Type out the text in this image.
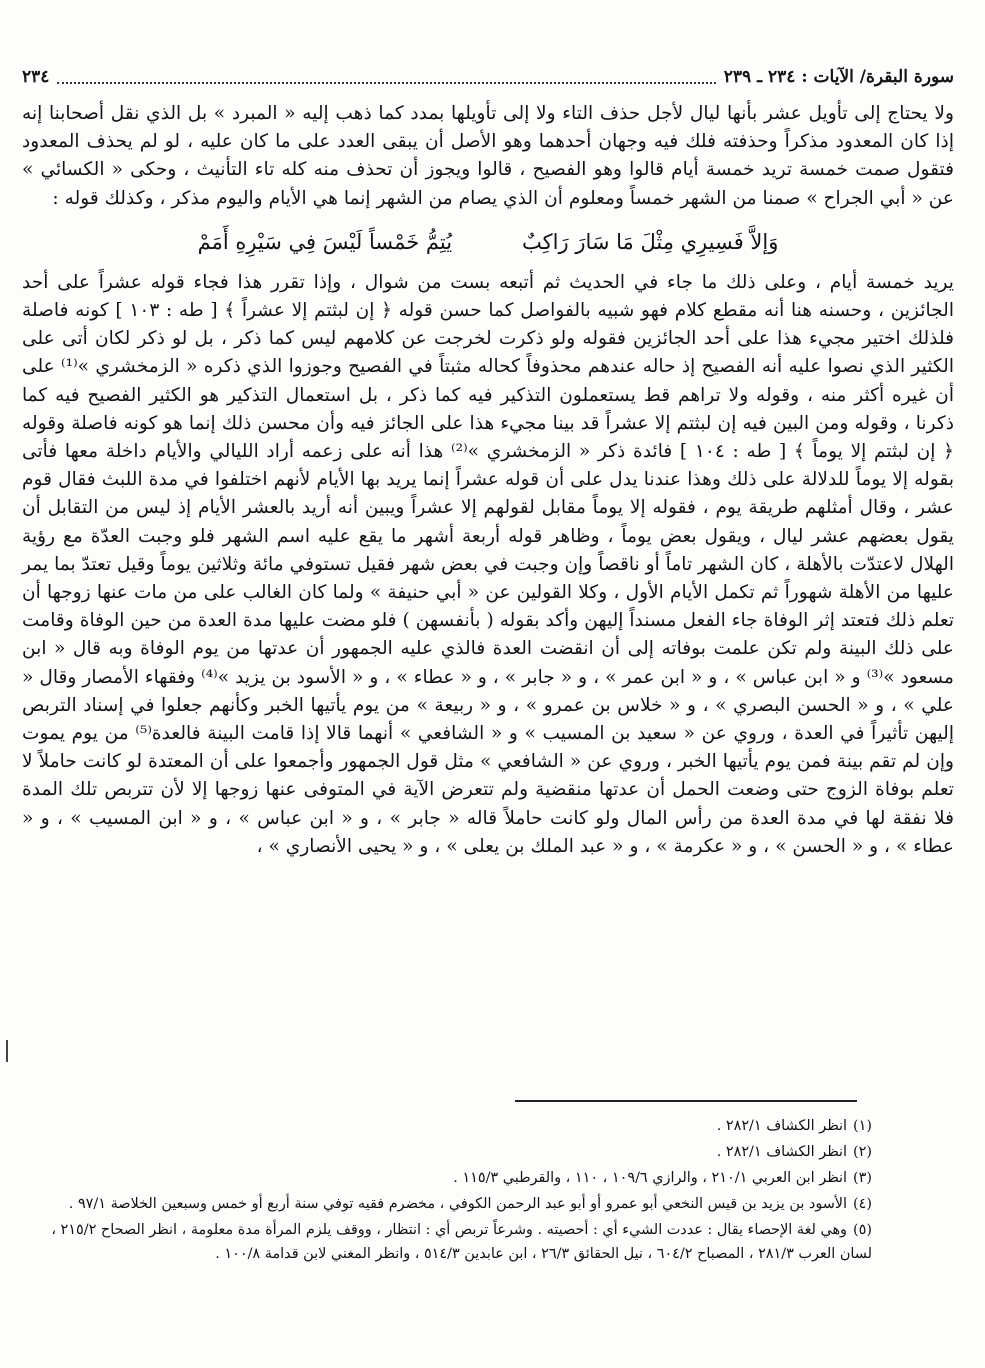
سورة البقرة/ الآيات : ٢٣٤ ـ ٢٣٩
٢٣٤

ولا يحتاج إلى تأويل عشر بأنها ليال لأجل حذف التاء ولا إلى تأويلها بمدد كما ذهب إليه « المبرد » بل الذي نقل أصحابنا إنه إذا كان المعدود مذكراً وحذفته فلك فيه وجهان أحدهما وهو الأصل أن يبقى العدد على ما كان عليه ، لو لم يحذف المعدود فتقول صمت خمسة تريد خمسة أيام قالوا وهو الفصيح ، قالوا ويجوز أن تحذف منه كله تاء التأنيث ، وحكى « الكسائي » عن « أبي الجراح » صمنا من الشهر خمساً ومعلوم أن الذي يصام من الشهر إنما هي الأيام واليوم مذكر ، وكذلك قوله :

وَإلاَّ فَسِيرِي مِثْلَ مَا سَارَ رَاكِبٌ
يُتِمُّ خَمْساً لَيْسَ فِي سَيْرِهِ أَمَمْ

يريد خمسة أيام ، وعلى ذلك ما جاء في الحديث ثم أتبعه بست من شوال ، وإذا تقرر هذا فجاء قوله عشراً على أحد الجائزين ، وحسنه هنا أنه مقطع كلام فهو شبيه بالفواصل كما حسن قوله ﴿ إن لبثتم إلا عشراً ﴾ [ طه : ١٠٣ ] كونه فاصلة فلذلك اختير مجيء هذا على أحد الجائزين فقوله ولو ذكرت لخرجت عن كلامهم ليس كما ذكر ، بل لو ذكر لكان أتى على الكثير الذي نصوا عليه أنه الفصيح إذ حاله عندهم محذوفاً كحاله مثبتاً في الفصيح وجوزوا الذي ذكره « الزمخشري »⁽¹⁾ على أن غيره أكثر منه ، وقوله ولا تراهم قط يستعملون التذكير فيه كما ذكر ، بل استعمال التذكير هو الكثير الفصيح فيه كما ذكرنا ، وقوله ومن البين فيه إن لبثتم إلا عشراً قد بينا مجيء هذا على الجائز فيه وأن محسن ذلك إنما هو كونه فاصلة وقوله ﴿ إن لبثتم إلا يوماً ﴾ [ طه : ١٠٤ ] فائدة ذكر « الزمخشري »⁽²⁾ هذا أنه على زعمه أراد الليالي والأيام داخلة معها فأتى بقوله إلا يوماً للدلالة على ذلك وهذا عندنا يدل على أن قوله عشراً إنما يريد بها الأيام لأنهم اختلفوا في مدة اللبث فقال قوم عشر ، وقال أمثلهم طريقة يوم ، فقوله إلا يوماً مقابل لقولهم إلا عشراً ويبين أنه أريد بالعشر الأيام إذ ليس من التقابل أن يقول بعضهم عشر ليال ، ويقول بعض يوماً ، وظاهر قوله أربعة أشهر ما يقع عليه اسم الشهر فلو وجبت العدّة مع رؤية الهلال لاعتدّت بالأهلة ، كان الشهر تاماً أو ناقصاً وإن وجبت في بعض شهر فقيل تستوفي مائة وثلاثين يوماً وقيل تعتدّ بما يمر عليها من الأهلة شهوراً ثم تكمل الأيام الأول ، وكلا القولين عن « أبي حنيفة » ولما كان الغالب على من مات عنها زوجها أن تعلم ذلك فتعتد إثر الوفاة جاء الفعل مسنداً إليهن وأكد بقوله ( بأنفسهن ) فلو مضت عليها مدة العدة من حين الوفاة وقامت على ذلك البينة ولم تكن علمت بوفاته إلى أن انقضت العدة فالذي عليه الجمهور أن عدتها من يوم الوفاة وبه قال « ابن مسعود »⁽³⁾ و « ابن عباس » ، و « ابن عمر » ، و « جابر » ، و « عطاء » ، و « الأسود بن يزيد »⁽⁴⁾ وفقهاء الأمصار وقال « علي » ، و « الحسن البصري » ، و « خلاس بن عمرو » ، و « ربيعة » من يوم يأتيها الخبر وكأنهم جعلوا في إسناد التربص إليهن تأثيراً في العدة ، وروي عن « سعيد بن المسيب » و « الشافعي » أنهما قالا إذا قامت البينة فالعدة⁽⁵⁾ من يوم يموت وإن لم تقم بينة فمن يوم يأتيها الخبر ، وروي عن « الشافعي » مثل قول الجمهور وأجمعوا على أن المعتدة لو كانت حاملاً لا تعلم بوفاة الزوج حتى وضعت الحمل أن عدتها منقضية ولم تتعرض الآية في المتوفى عنها زوجها إلا لأن تتربص تلك المدة فلا نفقة لها في مدة العدة من رأس المال ولو كانت حاملاً قاله « جابر » ، و « ابن عباس » ، و « ابن المسيب » ، و « عطاء » ، و « الحسن » ، و « عكرمة » ، و « عبد الملك بن يعلى » ، و « يحيى الأنصاري » ،

(١)انظر الكشاف ٢٨٢/١ .
(٢)انظر الكشاف ٢٨٢/١ .
(٣)انظر ابن العربي ٢١٠/١ ، والرازي ١٠٩/٦ ، ١١٠ ، والقرطبي ١١٥/٣ .
(٤)الأسود بن يزيد بن قيس النخعي أبو عمرو أو أبو عبد الرحمن الكوفي ، مخضرم فقيه توفي سنة أربع أو خمس وسبعين الخلاصة ٩٧/١ .
(٥)وهي لغة الإحصاء يقال : عددت الشيء أي : أحصيته . وشرعاً تربص أي : انتظار ، ووقف يلزم المرأة مدة معلومة ، انظر الصحاح ٢١٥/٢ ، لسان العرب ٢٨١/٣ ، المصباح ٦٠٤/٢ ، نيل الحقائق ٢٦/٣ ، ابن عابدين ٥١٤/٣ ، وانظر المغني لابن قدامة ١٠٠/٨ .
